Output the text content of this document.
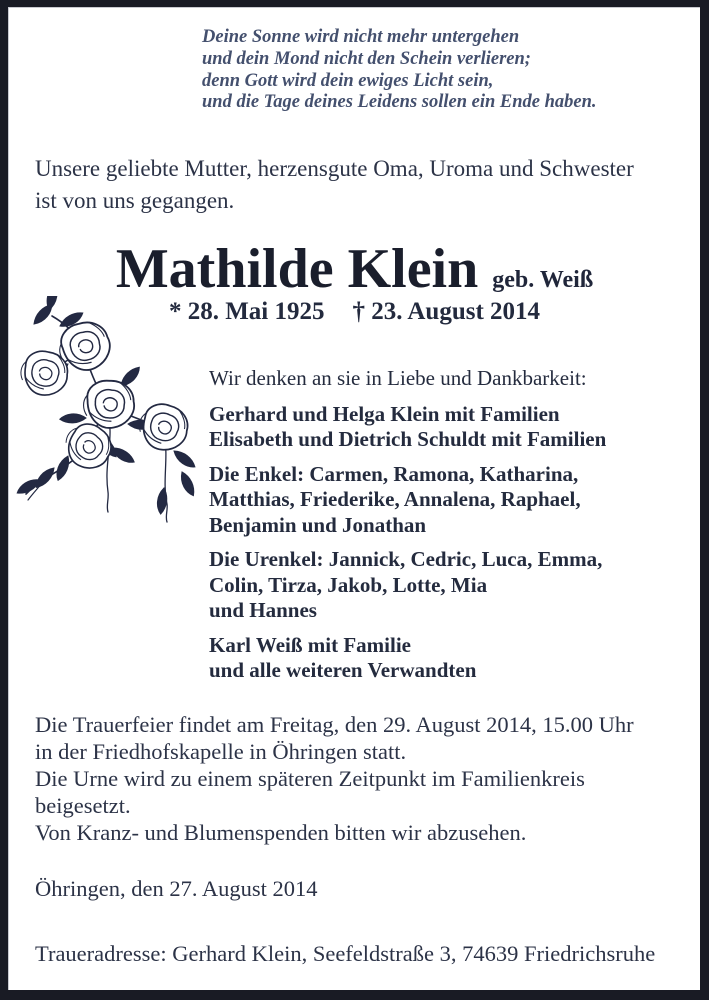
Deine Sonne wird nicht mehr untergehen
und dein Mond nicht den Schein verlieren;
denn Gott wird dein ewiges Licht sein,
und die Tage deines Leidens sollen ein Ende haben.
Unsere geliebte Mutter, herzensgute Oma, Uroma und Schwester
ist von uns gegangen.
Mathilde Klein geb. Weiß
* 28. Mai 1925 † 23. August 2014
Wir denken an sie in Liebe und Dankbarkeit:
Gerhard und Helga Klein mit Familien
Elisabeth und Dietrich Schuldt mit Familien
Die Enkel: Carmen, Ramona, Katharina,
Matthias, Friederike, Annalena, Raphael,
Benjamin und Jonathan
Die Urenkel: Jannick, Cedric, Luca, Emma,
Colin, Tirza, Jakob, Lotte, Mia
und Hannes
Karl Weiß mit Familie
und alle weiteren Verwandten
Die Trauerfeier findet am Freitag, den 29. August 2014, 15.00 Uhr
in der Friedhofskapelle in Öhringen statt.
Die Urne wird zu einem späteren Zeitpunkt im Familienkreis
beigesetzt.
Von Kranz- und Blumenspenden bitten wir abzusehen.
Öhringen, den 27. August 2014
Traueradresse: Gerhard Klein, Seefeldstraße 3, 74639 Friedrichsruhe
